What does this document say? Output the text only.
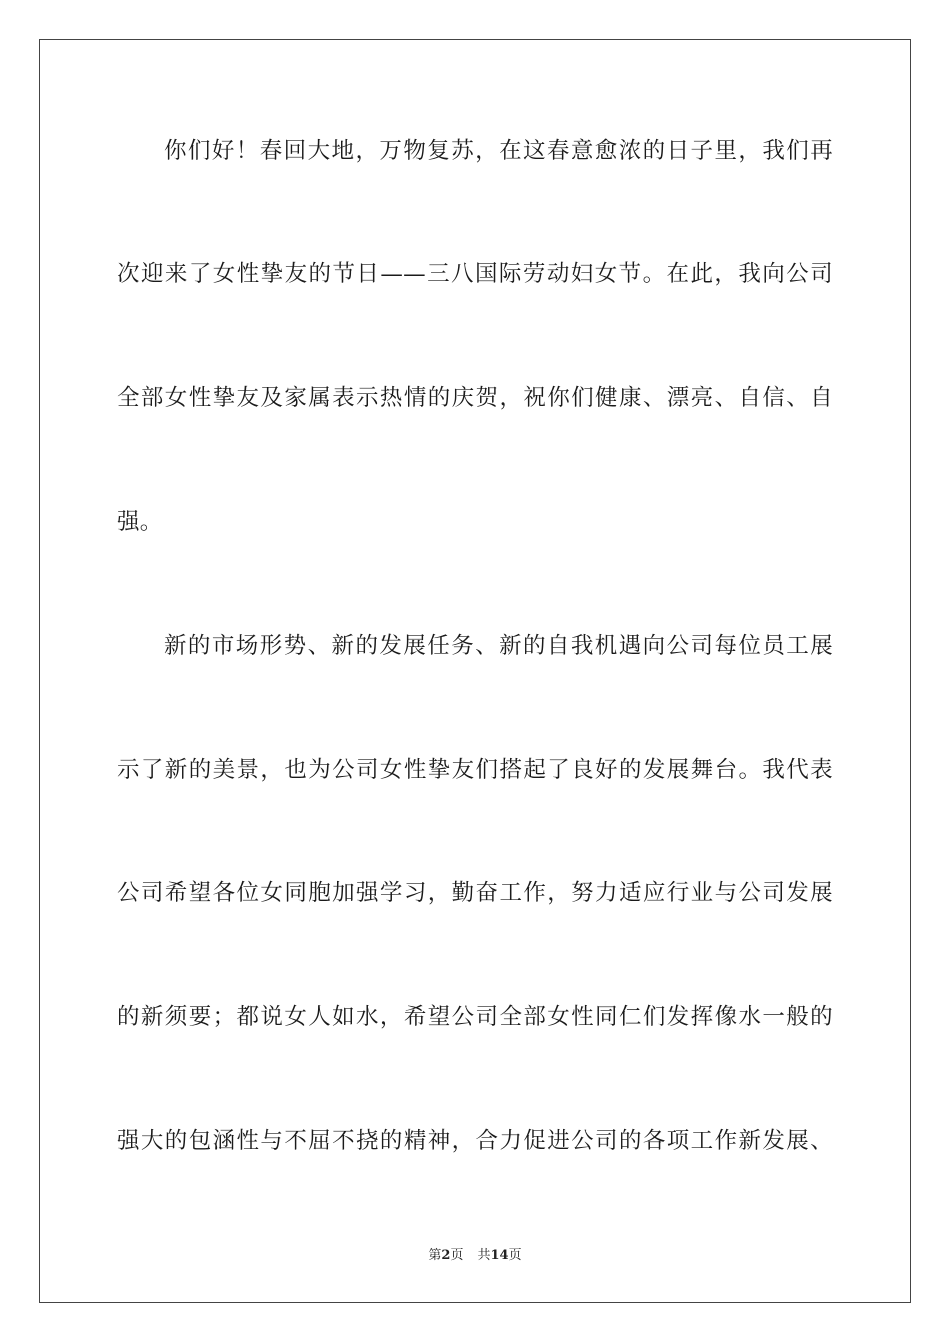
你们好！春回大地，万物复苏，在这春意愈浓的日子里，我们再
次迎来了女性挚友的节日——三八国际劳动妇女节。在此，我向公司
全部女性挚友及家属表示热情的庆贺，祝你们健康、漂亮、自信、自
强。
新的市场形势、新的发展任务、新的自我机遇向公司每位员工展
示了新的美景，也为公司女性挚友们搭起了良好的发展舞台。我代表
公司希望各位女同胞加强学习，勤奋工作，努力适应行业与公司发展
的新须要；都说女人如水，希望公司全部女性同仁们发挥像水一般的
强大的包涵性与不屈不挠的精神，合力促进公司的各项工作新发展、
第2页 共14页
